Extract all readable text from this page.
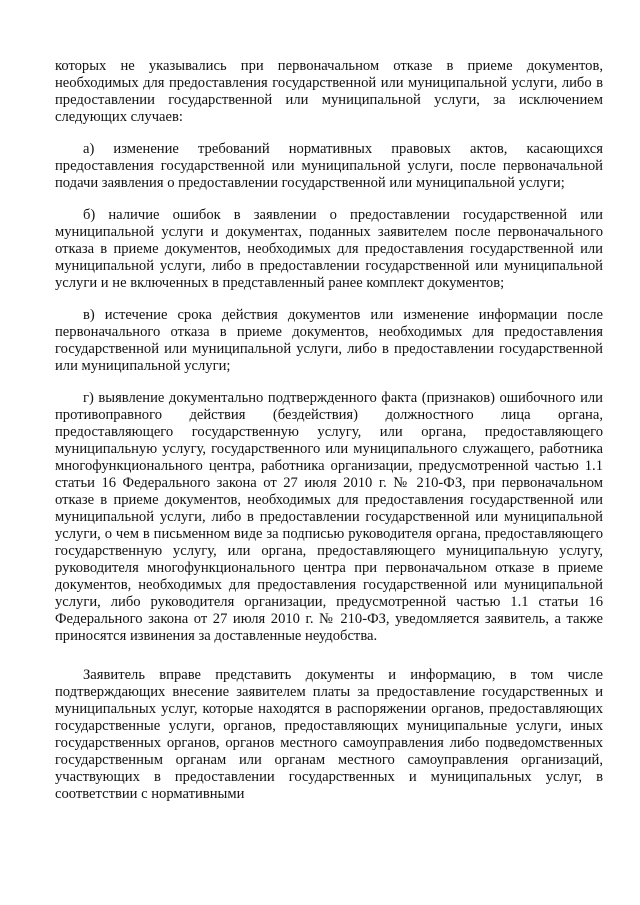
которых не указывались при первоначальном отказе в приеме документов, необходимых для предоставления государственной или муниципальной услуги, либо в предоставлении государственной или муниципальной услуги, за исключением следующих случаев:

а) изменение требований нормативных правовых актов, касающихся предоставления государственной или муниципальной услуги, после первоначальной подачи заявления о предоставлении государственной или муниципальной услуги;

б) наличие ошибок в заявлении о предоставлении государственной или муниципальной услуги и документах, поданных заявителем после первоначального отказа в приеме документов, необходимых для предоставления государственной или муниципальной услуги, либо в предоставлении государственной или муниципальной услуги и не включенных в представленный ранее комплект документов;

в) истечение срока действия документов или изменение информации после первоначального отказа в приеме документов, необходимых для предоставления государственной или муниципальной услуги, либо в предоставлении государственной или муниципальной услуги;

г) выявление документально подтвержденного факта (признаков) ошибочного или противоправного действия (бездействия) должностного лица органа, предоставляющего государственную услугу, или органа, предоставляющего муниципальную услугу, государственного или муниципального служащего, работника многофункционального центра, работника организации, предусмотренной частью 1.1 статьи 16 Федерального закона от 27 июля 2010 г. № 210-ФЗ, при первоначальном отказе в приеме документов, необходимых для предоставления государственной или муниципальной услуги, либо в предоставлении государственной или муниципальной услуги, о чем в письменном виде за подписью руководителя органа, предоставляющего государственную услугу, или органа, предоставляющего муниципальную услугу, руководителя многофункционального центра при первоначальном отказе в приеме документов, необходимых для предоставления государственной или муниципальной услуги, либо руководителя организации, предусмотренной частью 1.1 статьи 16 Федерального закона от 27 июля 2010 г. № 210-ФЗ, уведомляется заявитель, а также приносятся извинения за доставленные неудобства.

Заявитель вправе представить документы и информацию, в том числе подтверждающих внесение заявителем платы за предоставление государственных и муниципальных услуг, которые находятся в распоряжении органов, предоставляющих государственные услуги, органов, предоставляющих муниципальные услуги, иных государственных органов, органов местного самоуправления либо подведомственных государственным органам или органам местного самоуправления организаций, участвующих в предоставлении государственных и муниципальных услуг, в соответствии с нормативными
